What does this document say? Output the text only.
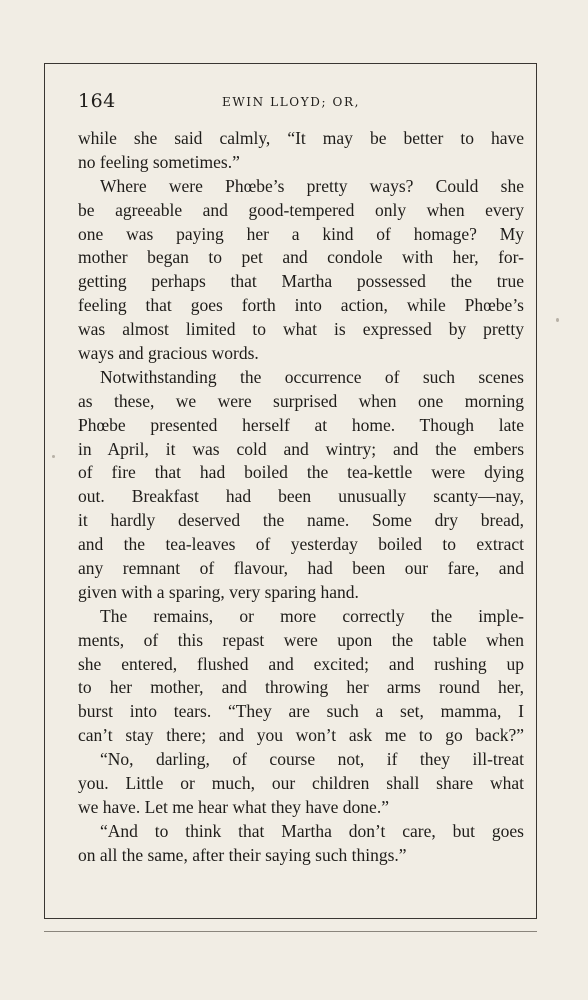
164	EWIN LLOYD; OR,
while she said calmly, “It may be better to have
no feeling sometimes.”
Where were Phœbe’s pretty ways? Could she
be agreeable and good-tempered only when every
one was paying her a kind of homage? My
mother began to pet and condole with her, for-
getting perhaps that Martha possessed the true
feeling that goes forth into action, while Phœbe’s
was almost limited to what is expressed by pretty
ways and gracious words.
Notwithstanding the occurrence of such scenes
as these, we were surprised when one morning
Phœbe presented herself at home. Though late
in April, it was cold and wintry; and the embers
of fire that had boiled the tea-kettle were dying
out. Breakfast had been unusually scanty—nay,
it hardly deserved the name. Some dry bread,
and the tea-leaves of yesterday boiled to extract
any remnant of flavour, had been our fare, and
given with a sparing, very sparing hand.
The remains, or more correctly the imple-
ments, of this repast were upon the table when
she entered, flushed and excited; and rushing up
to her mother, and throwing her arms round her,
burst into tears. “They are such a set, mamma, I
can’t stay there; and you won’t ask me to go back?”
“No, darling, of course not, if they ill-treat
you. Little or much, our children shall share what
we have. Let me hear what they have done.”
“And to think that Martha don’t care, but goes
on all the same, after their saying such things.”
